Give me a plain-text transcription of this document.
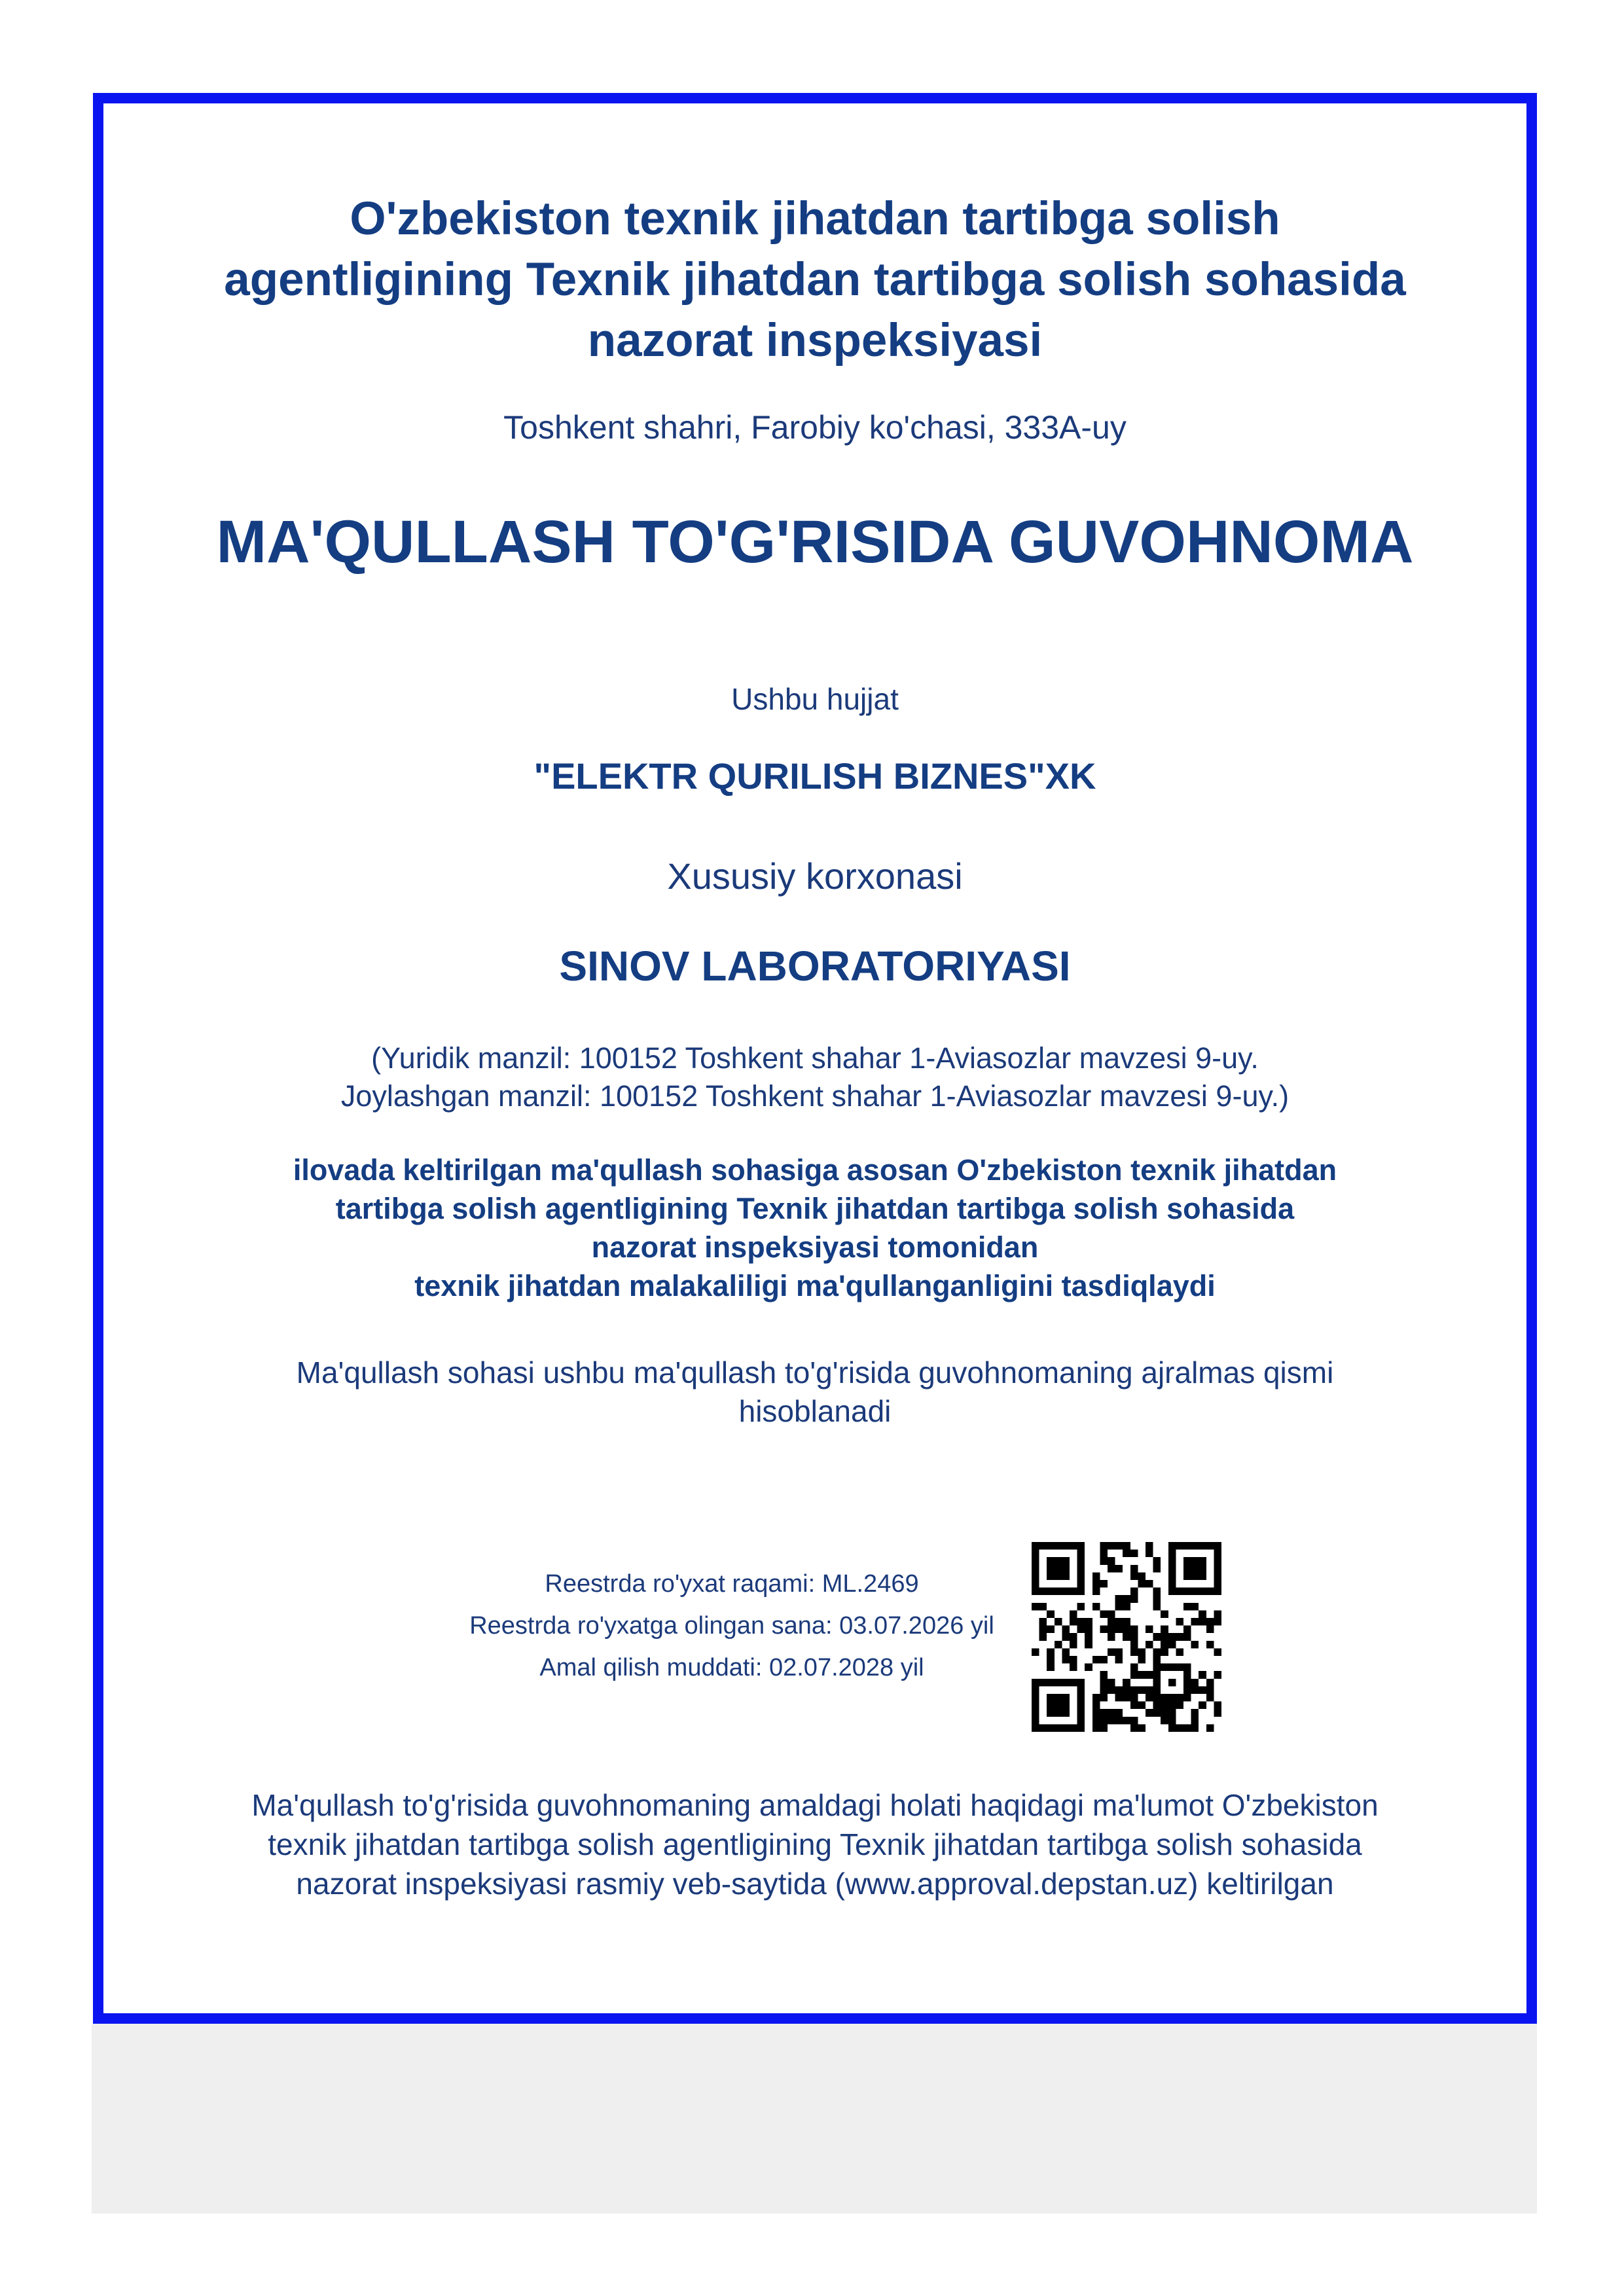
O'zbekiston texnik jihatdan tartibga solish
agentligining Texnik jihatdan tartibga solish sohasida
nazorat inspeksiyasi
Toshkent shahri, Farobiy ko'chasi, 333A-uy
MA'QULLASH TO'G'RISIDA GUVOHNOMA
Ushbu hujjat
"ELEKTR QURILISH BIZNES"XK
Xususiy korxonasi
SINOV LABORATORIYASI
(Yuridik manzil: 100152 Toshkent shahar 1-Aviasozlar mavzesi 9-uy.
Joylashgan manzil: 100152 Toshkent shahar 1-Aviasozlar mavzesi 9-uy.)
ilovada keltirilgan ma'qullash sohasiga asosan O'zbekiston texnik jihatdan
tartibga solish agentligining Texnik jihatdan tartibga solish sohasida
nazorat inspeksiyasi tomonidan
texnik jihatdan malakaliligi ma'qullanganligini tasdiqlaydi
Ma'qullash sohasi ushbu ma'qullash to'g'risida guvohnomaning ajralmas qismi
hisoblanadi
Reestrda ro'yxat raqami: ML.2469
Reestrda ro'yxatga olingan sana: 03.07.2026 yil
Amal qilish muddati: 02.07.2028 yil
Ma'qullash to'g'risida guvohnomaning amaldagi holati haqidagi ma'lumot O'zbekiston
texnik jihatdan tartibga solish agentligining Texnik jihatdan tartibga solish sohasida
nazorat inspeksiyasi rasmiy veb-saytida (www.approval.depstan.uz) keltirilgan
